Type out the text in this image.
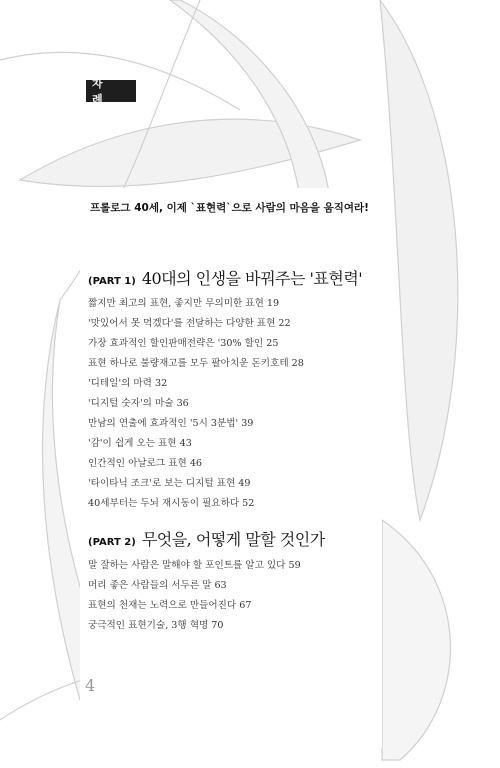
차 례
프롤로그 40세, 이제 `표현력`으로 사람의 마음을 움직여라!
(PART 1) 40대의 인생을 바꿔주는 '표현력'
짧지만 최고의 표현, 좋지만 무의미한 표현 19
'맛있어서 못 먹겠다'를 전달하는 다양한 표현 22
가장 효과적인 할인판매전략은 '30% 할인 25
표현 하나로 불량재고를 모두 팔아치운 돈키호테 28
'디테일'의 마력 32
'디지털 숫자'의 마술 36
만남의 연출에 효과적인 '5시 3분법' 39
'감'이 쉽게 오는 표현 43
인간적인 아날로그 표현 46
'타이타닉 조크'로 보는 디지털 표현 49
40세부터는 두뇌 재시동이 필요하다 52
(PART 2) 무엇을, 어떻게 말할 것인가
말 잘하는 사람은 말해야 할 포인트를 알고 있다 59
머리 좋은 사람들의 서두른 말 63
표현의 천재는 노력으로 만들어진다 67
궁극적인 표현기술, 3행 혁명 70
4
